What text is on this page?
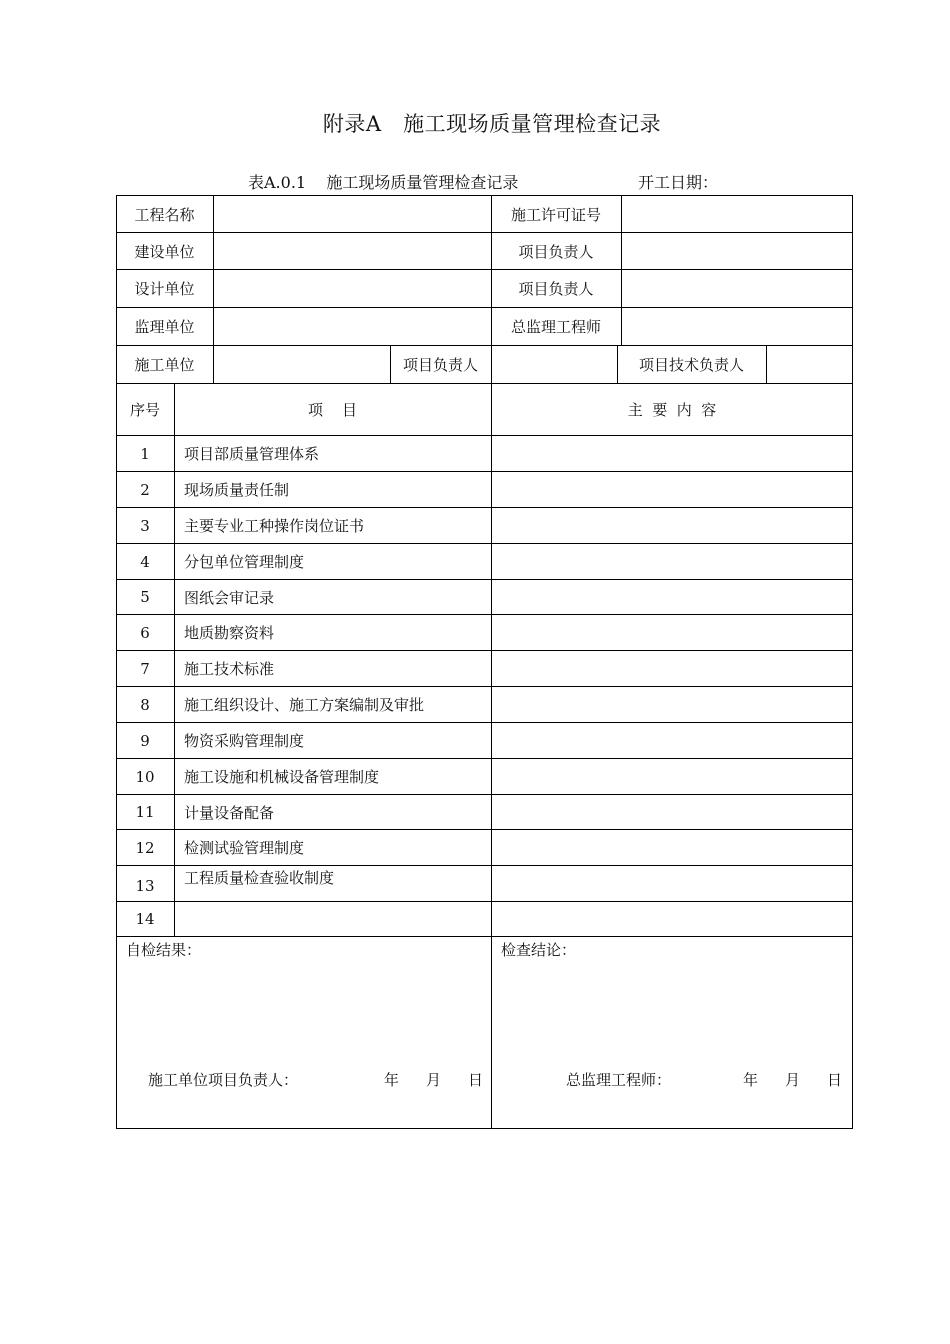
附录A   施工现场质量管理检查记录
表A.0.1    施工现场质量管理检查记录	开工日期：
工程名称	施工许可证号
建设单位	项目负责人
设计单位	项目负责人
监理单位	总监理工程师
施工单位	项目负责人	项目技术负责人
序号	项    目	主  要  内  容
1	项目部质量管理体系
2	现场质量责任制
3	主要专业工种操作岗位证书
4	分包单位管理制度
5	图纸会审记录
6	地质勘察资料
7	施工技术标准
8	施工组织设计、施工方案编制及审批
9	物资采购管理制度
10	施工设施和机械设备管理制度
11	计量设备配备
12	检测试验管理制度
13	工程质量检查验收制度
14
自检结果：	检查结论：
施工单位项目负责人：	年 月 日	总监理工程师：	年 月 日
